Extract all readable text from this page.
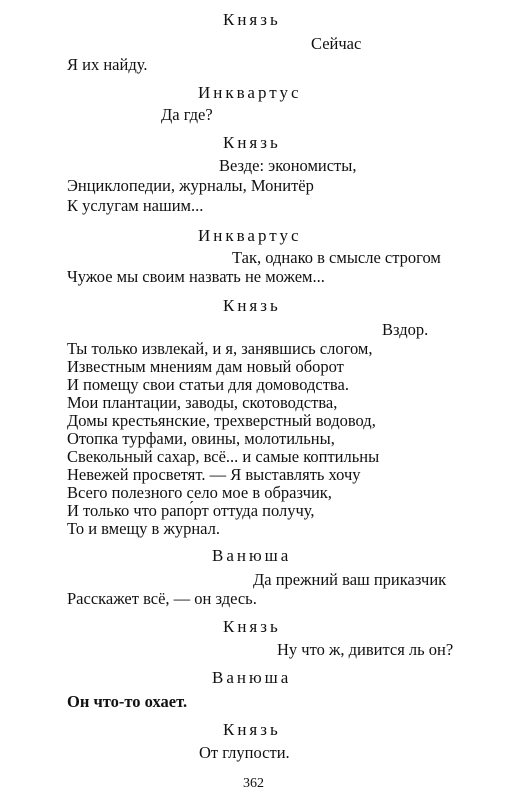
Князь
Сейчас
Я их найду.
Инквартус
Да где?
Князь
Везде: экономисты,
Энциклопедии, журналы, Монитёр
К услугам нашим...
Инквартус
Так, однако в смысле строгом
Чужое мы своим назвать не можем...
Князь
Вздор.
Ты только извлекай, и я, занявшись слогом,
Известным мнениям дам новый оборот
И помещу свои статьи для домоводства.
Мои плантации, заводы, скотоводства,
Домы крестьянские, трехверстный водовод,
Отопка турфами, овины, молотильны,
Свекольный сахар, всё... и самые коптильны
Невежей просветят. — Я выставлять хочу
Всего полезного село мое в образчик,
И только что рапо́рт оттуда получу,
То и вмещу в журнал.
Ванюша
Да прежний ваш приказчик
Расскажет всё, — он здесь.
Князь
Ну что ж, дивится ль он?
Ванюша
Он что-то охает.
Князь
От глупости.
362
